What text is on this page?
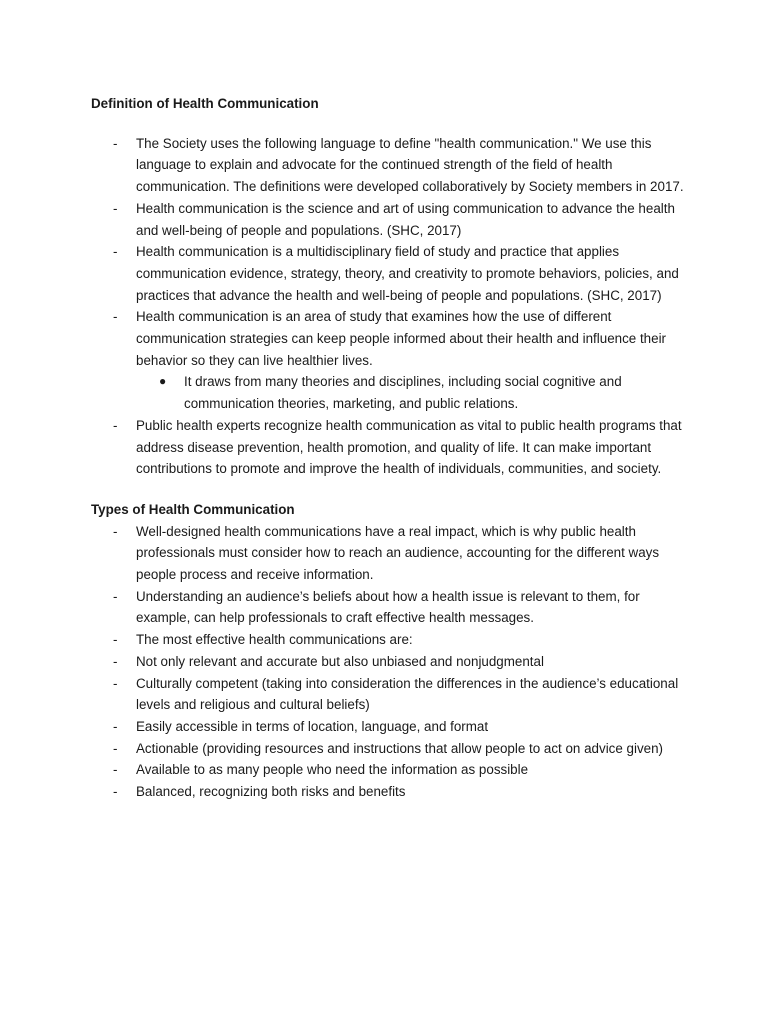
Definition of Health Communication
- The Society uses the following language to define "health communication." We use this language to explain and advocate for the continued strength of the field of health communication. The definitions were developed collaboratively by Society members in 2017.
- Health communication is the science and art of using communication to advance the health and well-being of people and populations. (SHC, 2017)
- Health communication is a multidisciplinary field of study and practice that applies communication evidence, strategy, theory, and creativity to promote behaviors, policies, and practices that advance the health and well-being of people and populations. (SHC, 2017)
- Health communication is an area of study that examines how the use of different communication strategies can keep people informed about their health and influence their behavior so they can live healthier lives.
● It draws from many theories and disciplines, including social cognitive and communication theories, marketing, and public relations.
- Public health experts recognize health communication as vital to public health programs that address disease prevention, health promotion, and quality of life. It can make important contributions to promote and improve the health of individuals, communities, and society.
Types of Health Communication
- Well-designed health communications have a real impact, which is why public health professionals must consider how to reach an audience, accounting for the different ways people process and receive information.
- Understanding an audience’s beliefs about how a health issue is relevant to them, for example, can help professionals to craft effective health messages.
- The most effective health communications are:
- Not only relevant and accurate but also unbiased and nonjudgmental
- Culturally competent (taking into consideration the differences in the audience’s educational levels and religious and cultural beliefs)
- Easily accessible in terms of location, language, and format
- Actionable (providing resources and instructions that allow people to act on advice given)
- Available to as many people who need the information as possible
- Balanced, recognizing both risks and benefits
